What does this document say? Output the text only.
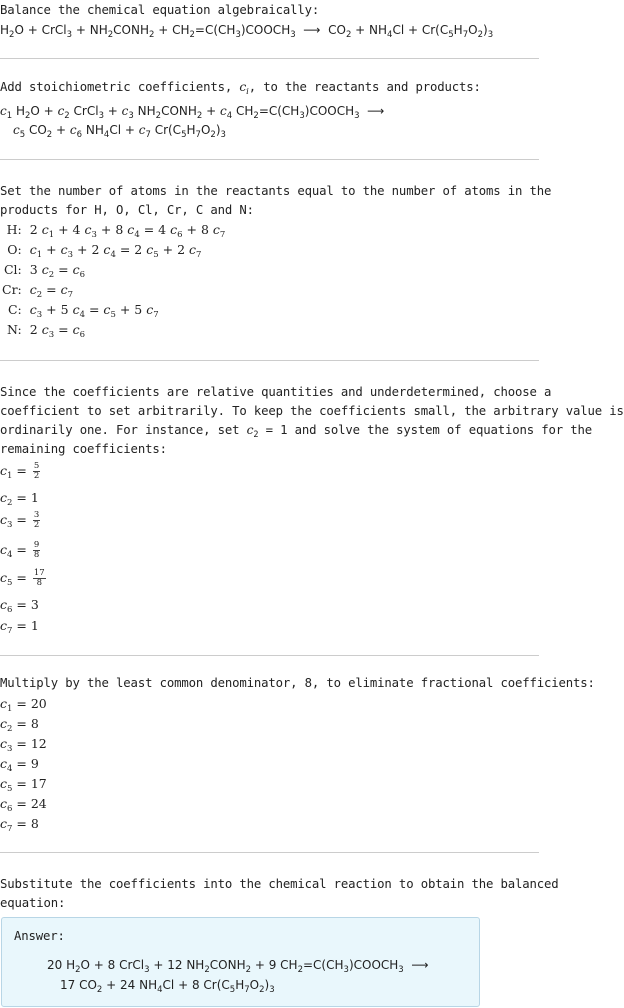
Balance the chemical equation algebraically:
$H_2O$ + CrCl$_3$ + $NH_2CONH_2$ + $CH_2=C(CH_3)COOCH_3$  ⟶  $CO_2 + NH_4Cl + Cr(C_5H_7O_2)_3$
Add stoichiometric coefficients, $c_i$, to the reactants and products:
$c_1$ $H_2O + c_2$ CrCl$_3$ + $c_3$ $NH_2CONH_2 + c_4$ $CH_2=C(CH_3)COOCH_3$  ⟶
$c_5$ $CO_2 + c_6$ $NH_4Cl + c_7$ $Cr(C_5H_7O_2)_3$
Set the number of atoms in the reactants equal to the number of atoms in the
products for H, O, Cl, Cr, C and N:
H:	2 $c_1 + 4$ $c_3 + 8$ $c_4 = 4$ $c_6 + 8$ $c_7$
O:	$c_1 + c_3 + 2$ $c_4 = 2$ $c_5 + 2$ $c_7$
Cl:	3 $c_2 = c_6$
Cr:	$c_2 = c_7$
C:	$c_3 + 5$ $c_4 = c_5 + 5$ $c_7$
N:	2 $c_3 = c_6$
Since the coefficients are relative quantities and underdetermined, choose a
coefficient to set arbitrarily. To keep the coefficients small, the arbitrary value is
ordinarily one. For instance, set $c_2 = 1$ and solve the system of equations for the
remaining coefficients:
$c_1 = \frac{5}{2}$
$c_2 = 1$
$c_3 = \frac{3}{2}$
$c_4 = \frac{9}{8}$
$c_5 = \frac{17}{8}$
$c_6 = 3$
$c_7 = 1$
Multiply by the least common denominator, 8, to eliminate fractional coefficients:
$c_1 = 20$
$c_2 = 8$
$c_3 = 12$
$c_4 = 9$
$c_5 = 17$
$c_6 = 24$
$c_7 = 8$
Substitute the coefficients into the chemical reaction to obtain the balanced
equation:
Answer:
20 $H_2O + 8$ CrCl$_3$ + 12 $NH_2CONH_2 + 9$ $CH_2=C(CH_3)COOCH_3$  ⟶
17 $CO_2 + 24$ $NH_4Cl + 8$ $Cr(C_5H_7O_2)_3$
